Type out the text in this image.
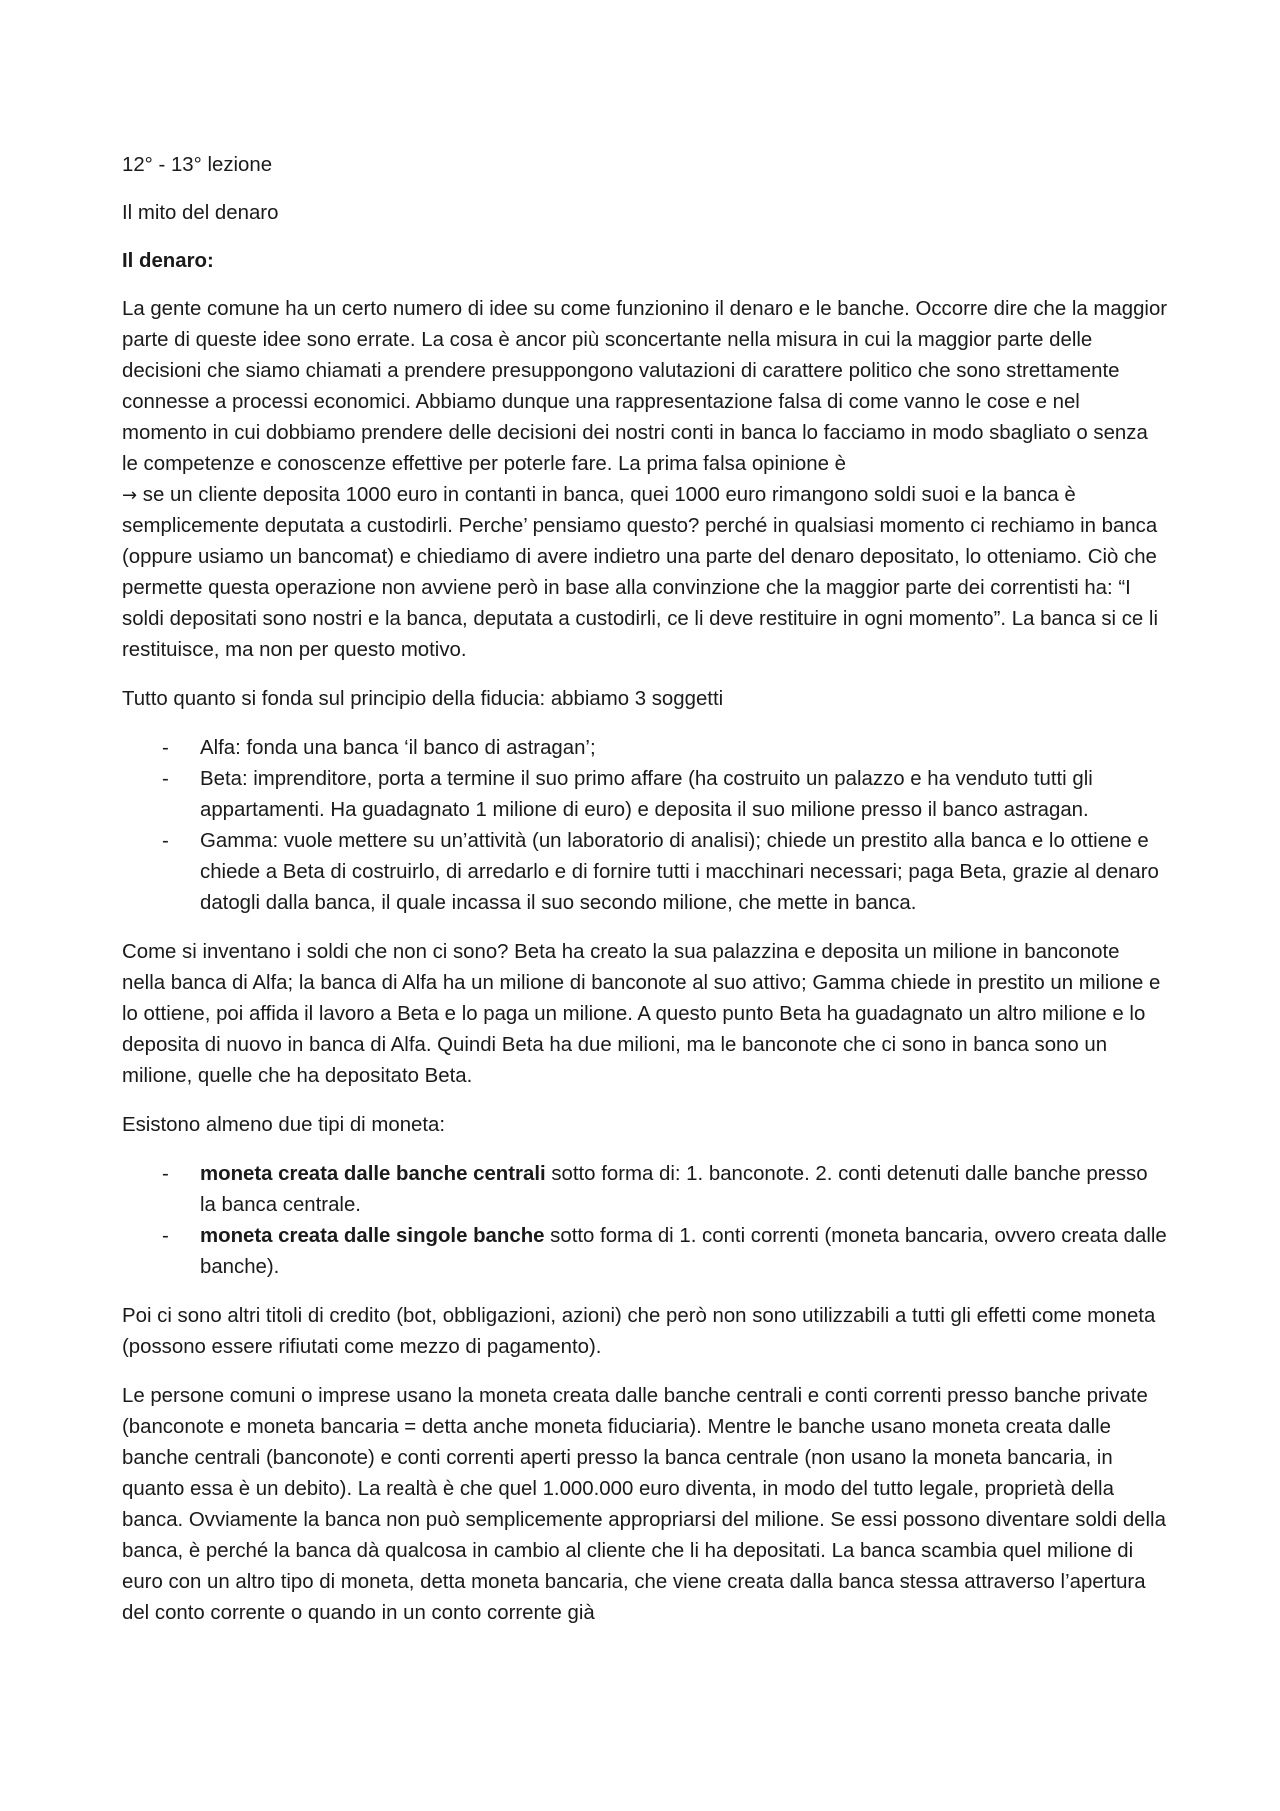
12° - 13° lezione

Il mito del denaro

Il denaro:

La gente comune ha un certo numero di idee su come funzionino il denaro e le banche. Occorre dire che la maggior parte di queste idee sono errate. La cosa è ancor più sconcertante nella misura in cui la maggior parte delle decisioni che siamo chiamati a prendere presuppongono valutazioni di carattere politico che sono strettamente connesse a processi economici. Abbiamo dunque una rappresentazione falsa di come vanno le cose e nel momento in cui dobbiamo prendere delle decisioni dei nostri conti in banca lo facciamo in modo sbagliato o senza le competenze e conoscenze effettive per poterle fare. La prima falsa opinione è
→ se un cliente deposita 1000 euro in contanti in banca, quei 1000 euro rimangono soldi suoi e la banca è semplicemente deputata a custodirli. Perche’ pensiamo questo? perché in qualsiasi momento ci rechiamo in banca (oppure usiamo un bancomat) e chiediamo di avere indietro una parte del denaro depositato, lo otteniamo. Ciò che permette questa operazione non avviene però in base alla convinzione che la maggior parte dei correntisti ha: “I soldi depositati sono nostri e la banca, deputata a custodirli, ce li deve restituire in ogni momento”. La banca si ce li restituisce, ma non per questo motivo.

Tutto quanto si fonda sul principio della fiducia: abbiamo 3 soggetti

- Alfa: fonda una banca ‘il banco di astragan’;
- Beta: imprenditore, porta a termine il suo primo affare (ha costruito un palazzo e ha venduto tutti gli appartamenti. Ha guadagnato 1 milione di euro) e deposita il suo milione presso il banco astragan.
- Gamma: vuole mettere su un’attività (un laboratorio di analisi); chiede un prestito alla banca e lo ottiene e chiede a Beta di costruirlo, di arredarlo e di fornire tutti i macchinari necessari; paga Beta, grazie al denaro datogli dalla banca, il quale incassa il suo secondo milione, che mette in banca.

Come si inventano i soldi che non ci sono? Beta ha creato la sua palazzina e deposita un milione in banconote nella banca di Alfa; la banca di Alfa ha un milione di banconote al suo attivo; Gamma chiede in prestito un milione e lo ottiene, poi affida il lavoro a Beta e lo paga un milione. A questo punto Beta ha guadagnato un altro milione e lo deposita di nuovo in banca di Alfa. Quindi Beta ha due milioni, ma le banconote che ci sono in banca sono un milione, quelle che ha depositato Beta.

Esistono almeno due tipi di moneta:

- moneta creata dalle banche centrali sotto forma di: 1. banconote. 2. conti detenuti dalle banche presso la banca centrale.
- moneta creata dalle singole banche sotto forma di 1. conti correnti (moneta bancaria, ovvero creata dalle banche).

Poi ci sono altri titoli di credito (bot, obbligazioni, azioni) che però non sono utilizzabili a tutti gli effetti come moneta (possono essere rifiutati come mezzo di pagamento).

Le persone comuni o imprese usano la moneta creata dalle banche centrali e conti correnti presso banche private (banconote e moneta bancaria = detta anche moneta fiduciaria). Mentre le banche usano moneta creata dalle banche centrali (banconote) e conti correnti aperti presso la banca centrale (non usano la moneta bancaria, in quanto essa è un debito). La realtà è che quel 1.000.000 euro diventa, in modo del tutto legale, proprietà della banca. Ovviamente la banca non può semplicemente appropriarsi del milione. Se essi possono diventare soldi della banca, è perché la banca dà qualcosa in cambio al cliente che li ha depositati. La banca scambia quel milione di euro con un altro tipo di moneta, detta moneta bancaria, che viene creata dalla banca stessa attraverso l’apertura del conto corrente o quando in un conto corrente già
